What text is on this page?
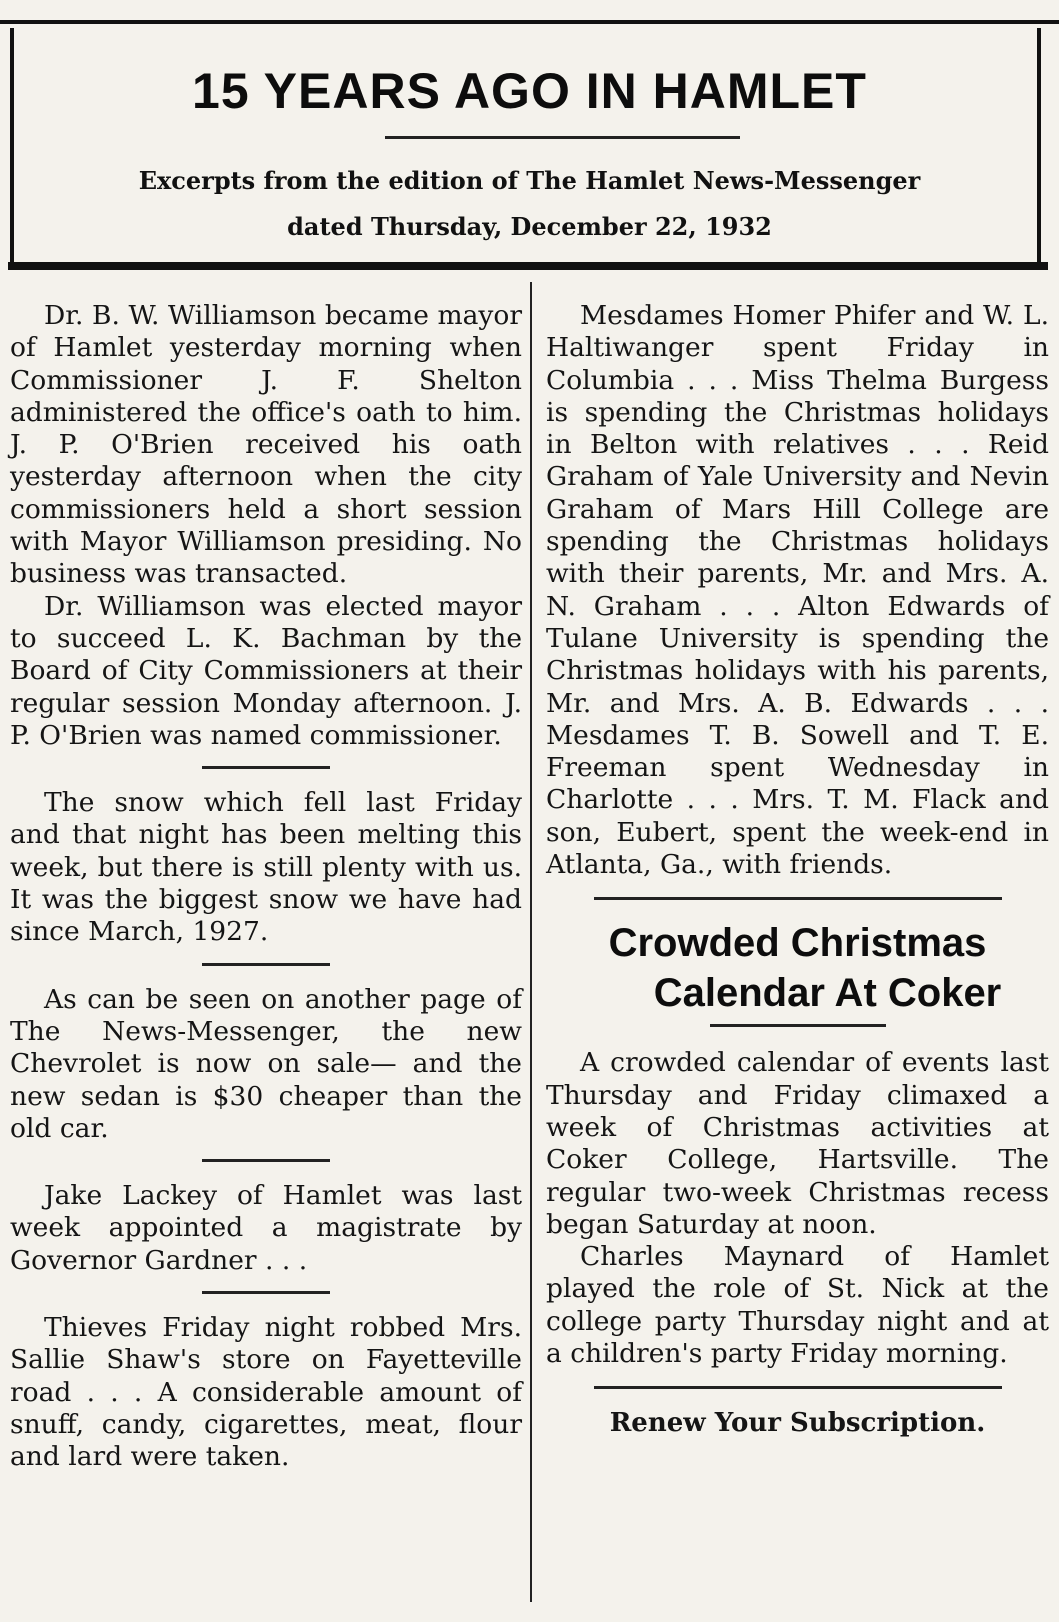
15 YEARS AGO IN HAMLET
Excerpts from the edition of The Hamlet News-Messenger
dated Thursday, December 22, 1932

Dr. B. W. Williamson became mayor of Hamlet yesterday morning when Commissioner J. F. Shelton administered the office's oath to him. J. P. O'Brien received his oath yesterday afternoon when the city commissioners held a short session with Mayor Williamson presiding. No business was transacted.

Dr. Williamson was elected mayor to succeed L. K. Bachman by the Board of City Commissioners at their regular session Monday afternoon. J. P. O'Brien was named commissioner.

The snow which fell last Friday and that night has been melting this week, but there is still plenty with us. It was the biggest snow we have had since March, 1927.

As can be seen on another page of The News-Messenger, the new Chevrolet is now on sale— and the new sedan is $30 cheaper than the old car.

Jake Lackey of Hamlet was last week appointed a magistrate by Governor Gardner . . .

Thieves Friday night robbed Mrs. Sallie Shaw's store on Fayetteville road . . . A considerable amount of snuff, candy, cigarettes, meat, flour and lard were taken.

Mesdames Homer Phifer and W. L. Haltiwanger spent Friday in Columbia . . . Miss Thelma Burgess is spending the Christmas holidays in Belton with relatives . . . Reid Graham of Yale University and Nevin Graham of Mars Hill College are spending the Christmas holidays with their parents, Mr. and Mrs. A. N. Graham . . . Alton Edwards of Tulane University is spending the Christmas holidays with his parents, Mr. and Mrs. A. B. Edwards . . . Mesdames T. B. Sowell and T. E. Freeman spent Wednesday in Charlotte . . . Mrs. T. M. Flack and son, Eubert, spent the week-end in Atlanta, Ga., with friends.

Crowded Christmas
Calendar At Coker

A crowded calendar of events last Thursday and Friday climaxed a week of Christmas activities at Coker College, Hartsville. The regular two-week Christmas recess began Saturday at noon.

Charles Maynard of Hamlet played the role of St. Nick at the college party Thursday night and at a children's party Friday morning.

Renew Your Subscription.
